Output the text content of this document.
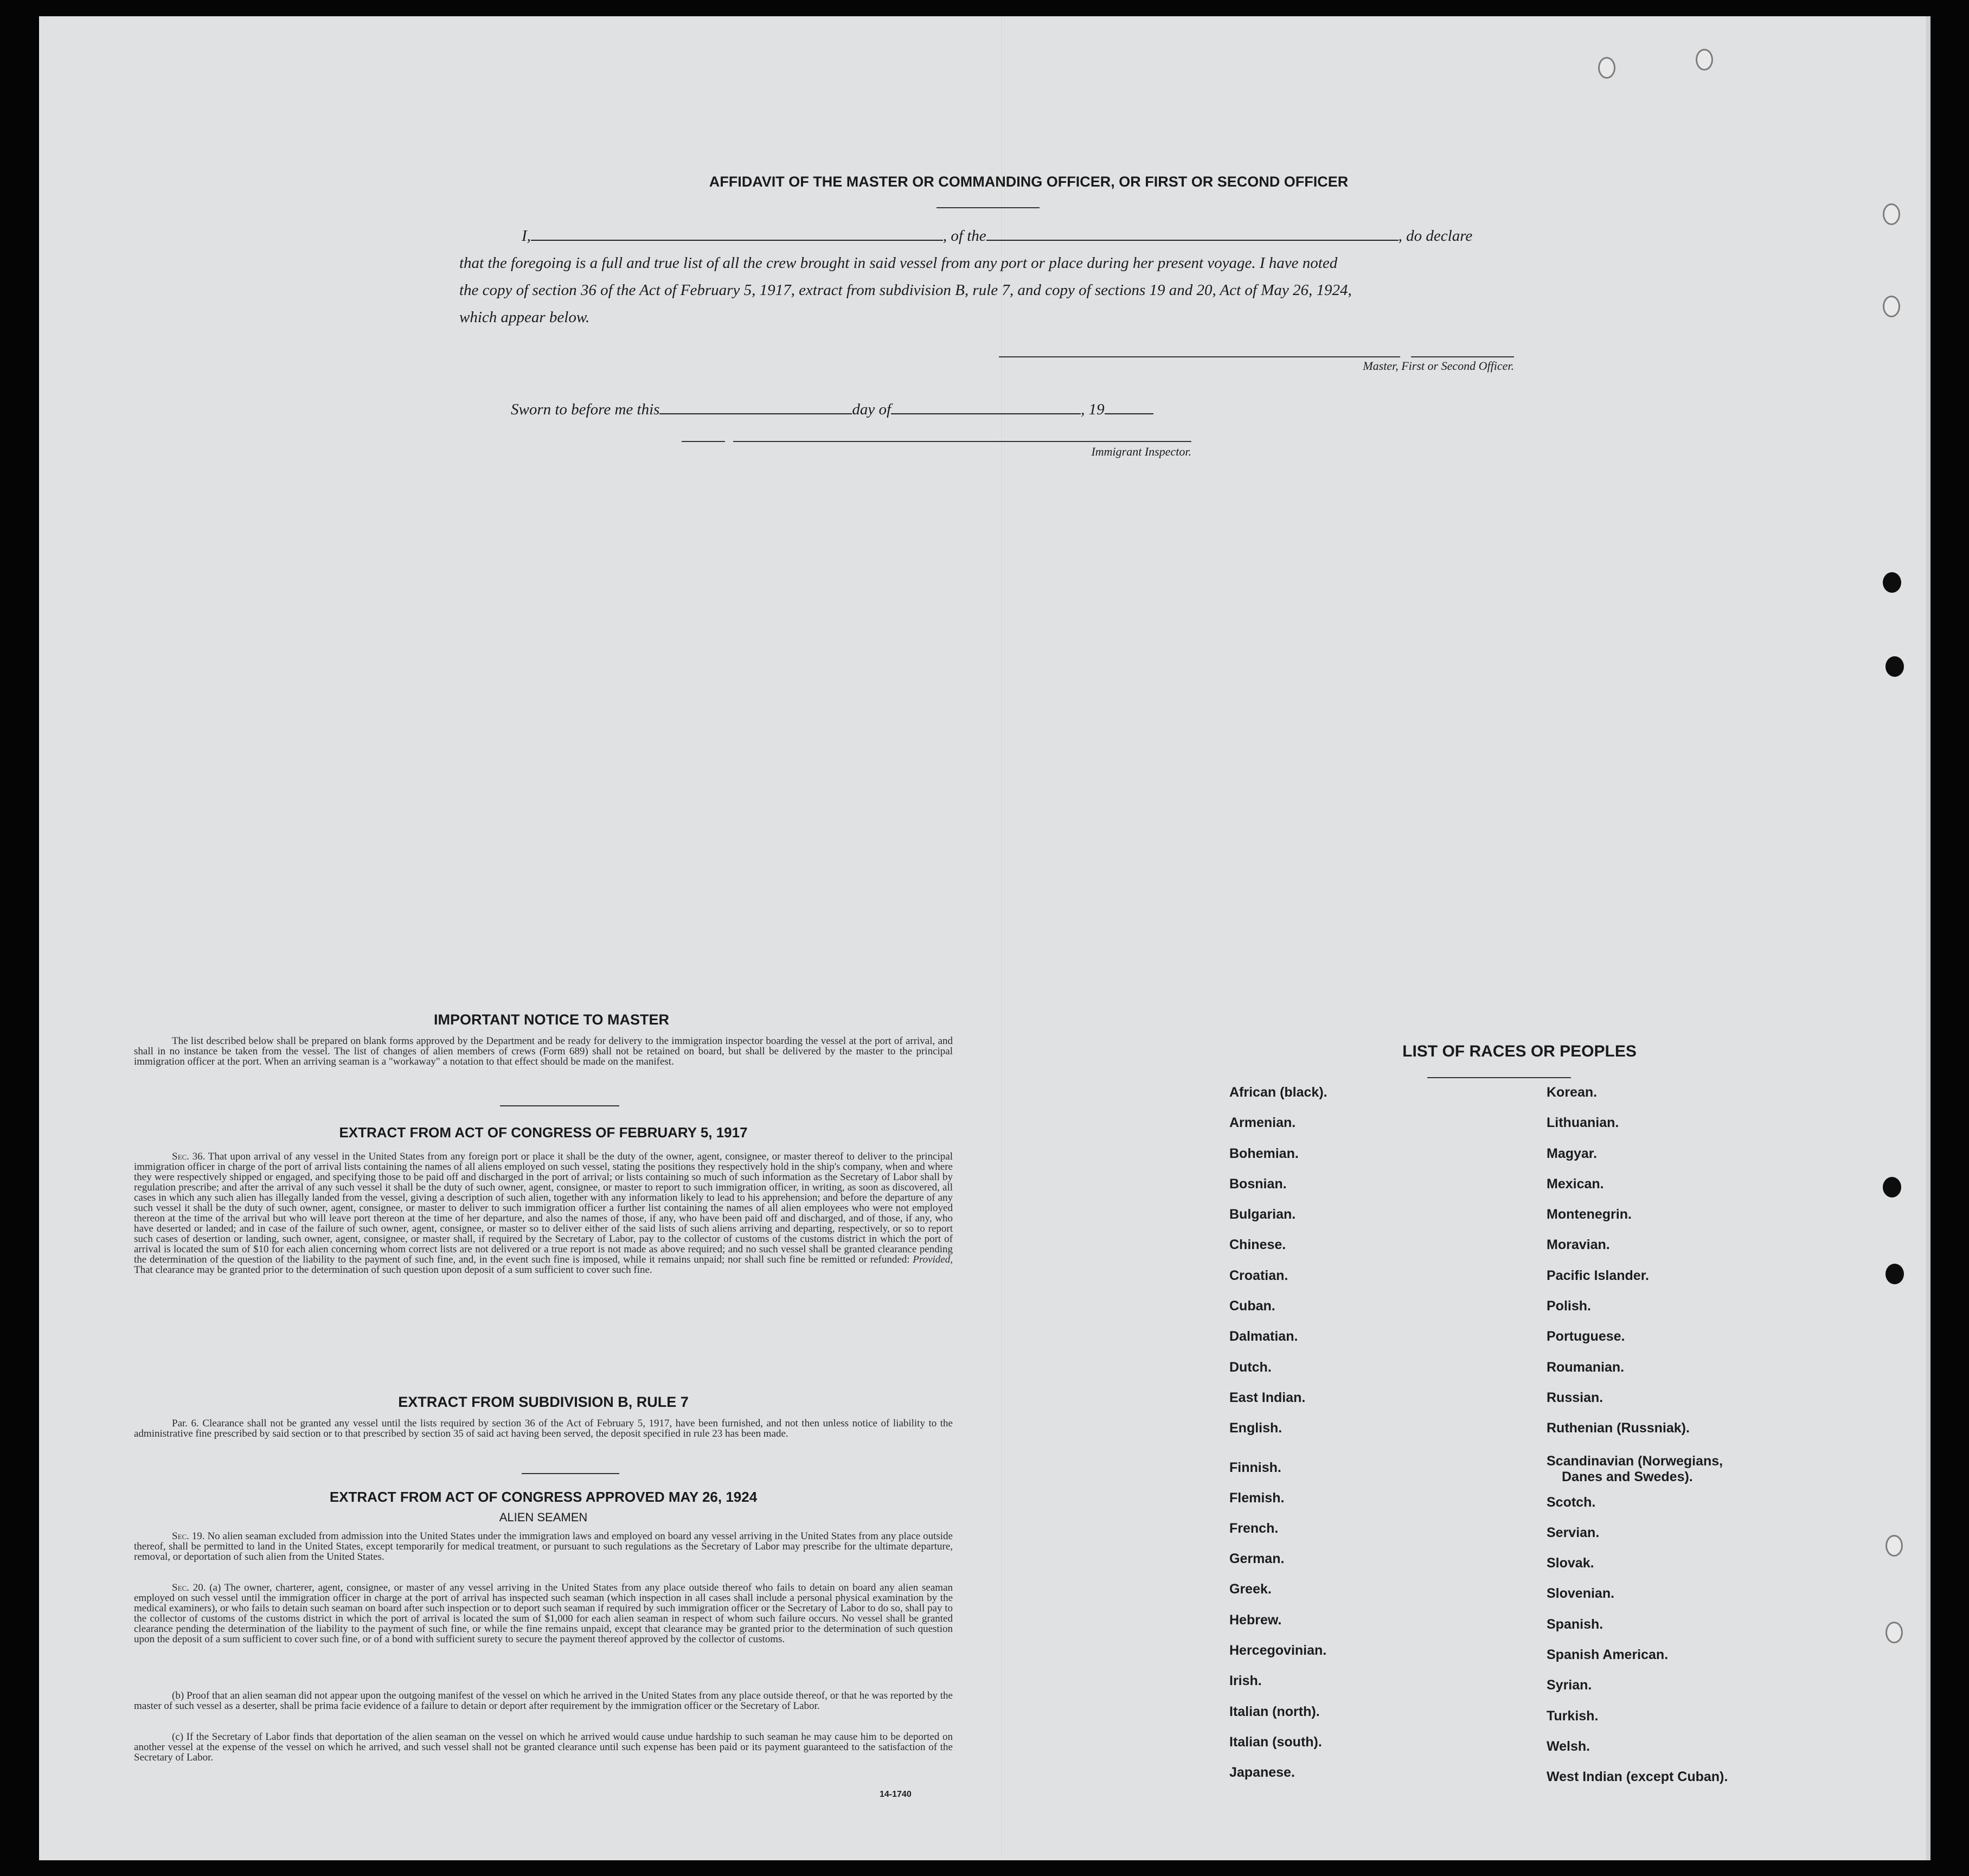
AFFIDAVIT OF THE MASTER OR COMMANDING OFFICER, OR FIRST OR SECOND OFFICER
I,	, of the	, do declare
that the foregoing is a full and true list of all the crew brought in said vessel from any port or place during her present voyage. I have noted
the copy of section 36 of the Act of February 5, 1917, extract from subdivision B, rule 7, and copy of sections 19 and 20, Act of May 26, 1924,
which appear below.
Master, First or Second Officer.
Sworn to before me this	day of	, 19
Immigrant Inspector.
IMPORTANT NOTICE TO MASTER
The list described below shall be prepared on blank forms approved by the Department and be ready for delivery to the immigration inspector boarding the vessel at the port of arrival, and shall in no instance be taken from the vessel. The list of changes of alien members of crews (Form 689) shall not be retained on board, but shall be delivered by the master to the principal immigration officer at the port. When an arriving seaman is a "workaway" a notation to that effect should be made on the manifest.
EXTRACT FROM ACT OF CONGRESS OF FEBRUARY 5, 1917
Sec. 36. That upon arrival of any vessel in the United States from any foreign port or place it shall be the duty of the owner, agent, consignee, or master thereof to deliver to the principal immigration officer in charge of the port of arrival lists containing the names of all aliens employed on such vessel, stating the positions they respectively hold in the ship's company, when and where they were respectively shipped or engaged, and specifying those to be paid off and discharged in the port of arrival; or lists containing so much of such information as the Secretary of Labor shall by regulation prescribe; and after the arrival of any such vessel it shall be the duty of such owner, agent, consignee, or master to report to such immigration officer, in writing, as soon as discovered, all cases in which any such alien has illegally landed from the vessel, giving a description of such alien, together with any information likely to lead to his apprehension; and before the departure of any such vessel it shall be the duty of such owner, agent, consignee, or master to deliver to such immigration officer a further list containing the names of all alien employees who were not employed thereon at the time of the arrival but who will leave port thereon at the time of her departure, and also the names of those, if any, who have been paid off and discharged, and of those, if any, who have deserted or landed; and in case of the failure of such owner, agent, consignee, or master so to deliver either of the said lists of such aliens arriving and departing, respectively, or so to report such cases of desertion or landing, such owner, agent, consignee, or master shall, if required by the Secretary of Labor, pay to the collector of customs of the customs district in which the port of arrival is located the sum of $10 for each alien concerning whom correct lists are not delivered or a true report is not made as above required; and no such vessel shall be granted clearance pending the determination of the question of the liability to the payment of such fine, and, in the event such fine is imposed, while it remains unpaid; nor shall such fine be remitted or refunded: Provided, That clearance may be granted prior to the determination of such question upon deposit of a sum sufficient to cover such fine.
EXTRACT FROM SUBDIVISION B, RULE 7
Par. 6. Clearance shall not be granted any vessel until the lists required by section 36 of the Act of February 5, 1917, have been furnished, and not then unless notice of liability to the administrative fine prescribed by said section or to that prescribed by section 35 of said act having been served, the deposit specified in rule 23 has been made.
EXTRACT FROM ACT OF CONGRESS APPROVED MAY 26, 1924
ALIEN SEAMEN
Sec. 19. No alien seaman excluded from admission into the United States under the immigration laws and employed on board any vessel arriving in the United States from any place outside thereof, shall be permitted to land in the United States, except temporarily for medical treatment, or pursuant to such regulations as the Secretary of Labor may prescribe for the ultimate departure, removal, or deportation of such alien from the United States.
Sec. 20. (a) The owner, charterer, agent, consignee, or master of any vessel arriving in the United States from any place outside thereof who fails to detain on board any alien seaman employed on such vessel until the immigration officer in charge at the port of arrival has inspected such seaman (which inspection in all cases shall include a personal physical examination by the medical examiners), or who fails to detain such seaman on board after such inspection or to deport such seaman if required by such immigration officer or the Secretary of Labor to do so, shall pay to the collector of customs of the customs district in which the port of arrival is located the sum of $1,000 for each alien seaman in respect of whom such failure occurs. No vessel shall be granted clearance pending the determination of the liability to the payment of such fine, or while the fine remains unpaid, except that clearance may be granted prior to the determination of such question upon the deposit of a sum sufficient to cover such fine, or of a bond with sufficient surety to secure the payment thereof approved by the collector of customs.
(b) Proof that an alien seaman did not appear upon the outgoing manifest of the vessel on which he arrived in the United States from any place outside thereof, or that he was reported by the master of such vessel as a deserter, shall be prima facie evidence of a failure to detain or deport after requirement by the immigration officer or the Secretary of Labor.
(c) If the Secretary of Labor finds that deportation of the alien seaman on the vessel on which he arrived would cause undue hardship to such seaman he may cause him to be deported on another vessel at the expense of the vessel on which he arrived, and such vessel shall not be granted clearance until such expense has been paid or its payment guaranteed to the satisfaction of the Secretary of Labor.
14-1740
LIST OF RACES OR PEOPLES
African (black).
Armenian.
Bohemian.
Bosnian.
Bulgarian.
Chinese.
Croatian.
Cuban.
Dalmatian.
Dutch.
East Indian.
English.
Finnish.
Flemish.
French.
German.
Greek.
Hebrew.
Hercegovinian.
Irish.
Italian (north).
Italian (south).
Japanese.
Korean.
Lithuanian.
Magyar.
Mexican.
Montenegrin.
Moravian.
Pacific Islander.
Polish.
Portuguese.
Roumanian.
Russian.
Ruthenian (Russniak).
Scandinavian (Norwegians,
Danes and Swedes).
Scotch.
Servian.
Slovak.
Slovenian.
Spanish.
Spanish American.
Syrian.
Turkish.
Welsh.
West Indian (except Cuban).
